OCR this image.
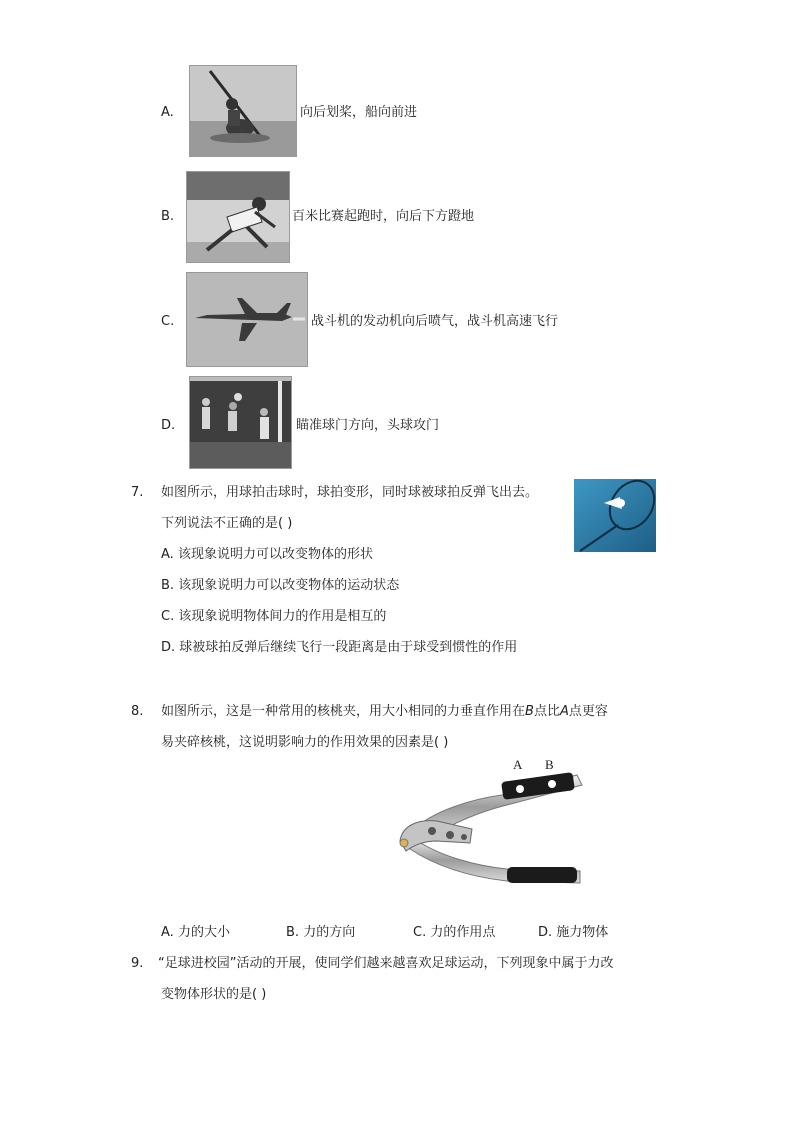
A.	向后划桨，船向前进
B.	百米比赛起跑时，向后下方蹬地
C.	战斗机的发动机向后喷气，战斗机高速飞行
D.	瞄准球门方向，头球攻门
7. 如图所示，用球拍击球时，球拍变形，同时球被球拍反弹飞出去。
下列说法不正确的是( )
A. 该现象说明力可以改变物体的形状
B. 该现象说明力可以改变物体的运动状态
C. 该现象说明物体间力的作用是相互的
D. 球被球拍反弹后继续飞行一段距离是由于球受到惯性的作用
8. 如图所示，这是一种常用的核桃夹，用大小相同的力垂直作用在B点比A点更容
易夹碎核桃，这说明影响力的作用效果的因素是( )
A B
A. 力的大小	B. 力的方向	C. 力的作用点	D. 施力物体
9. “足球进校园”活动的开展，使同学们越来越喜欢足球运动，下列现象中属于力改
变物体形状的是( )
